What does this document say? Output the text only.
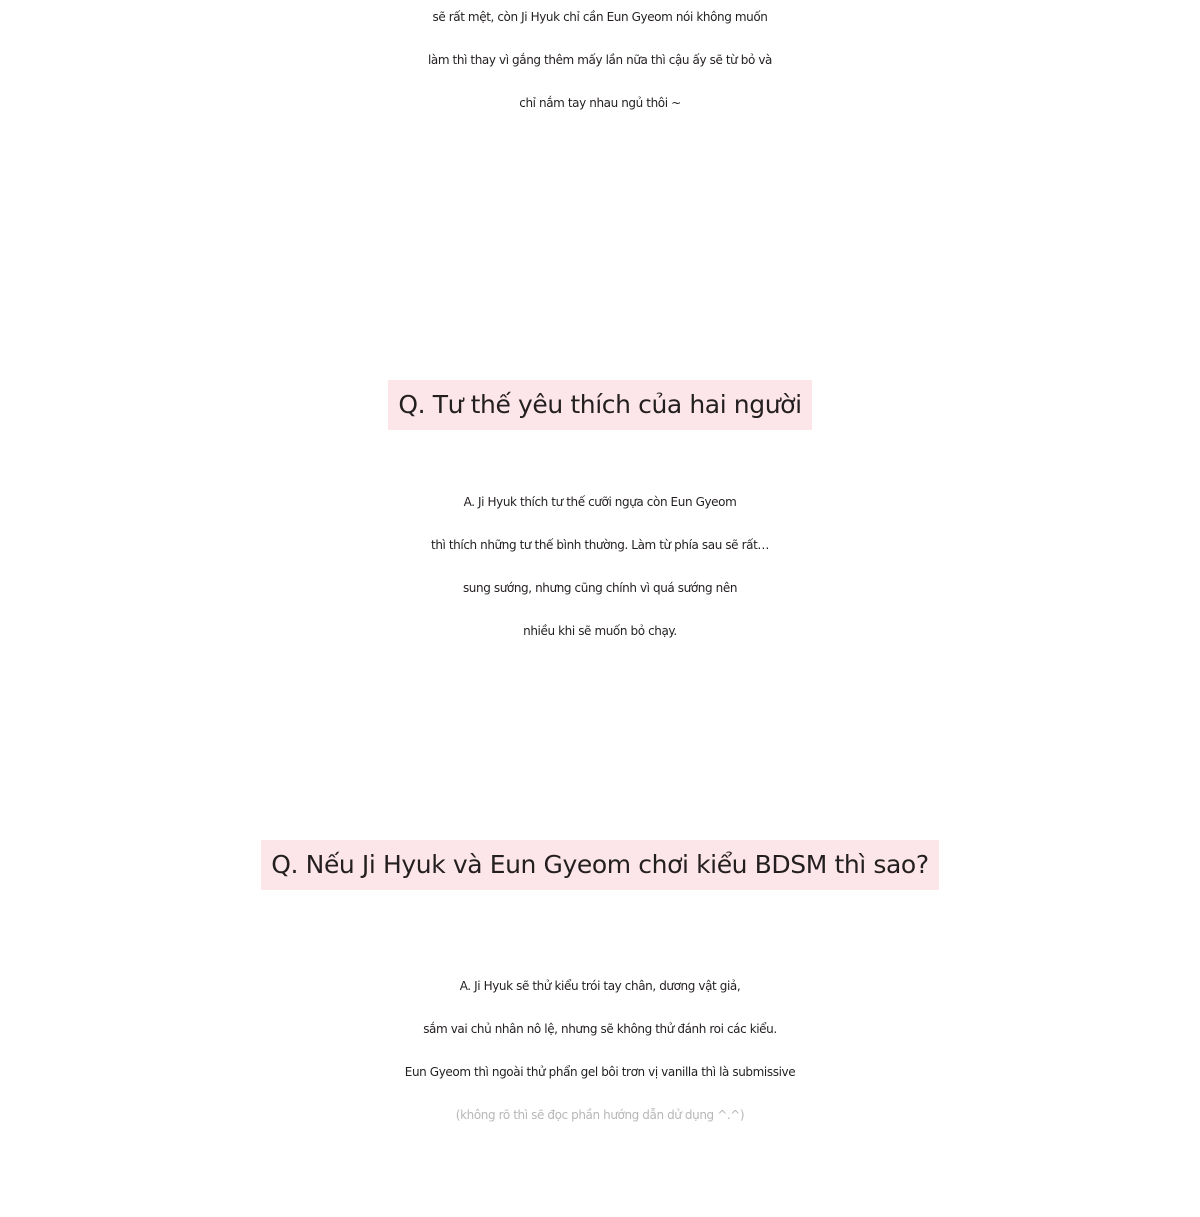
sẽ rất mệt, còn Ji Hyuk chỉ cần Eun Gyeom nói không muốn
làm thì thay vì gắng thêm mấy lần nữa thì cậu ấy sẽ từ bỏ và
chỉ nắm tay nhau ngủ thôi ~
Q. Tư thế yêu thích của hai người
A. Ji Hyuk thích tư thế cưỡi ngựa còn Eun Gyeom
thì thích những tư thế bình thường. Làm từ phía sau sẽ rất…
sung sướng, nhưng cũng chính vì quá sướng nên
nhiều khi sẽ muốn bỏ chạy.
Q. Nếu Ji Hyuk và Eun Gyeom chơi kiểu BDSM thì sao?
A. Ji Hyuk sẽ thử kiểu trói tay chân, dương vật giả,
sắm vai chủ nhân nô lệ, nhưng sẽ không thử đánh roi các kiểu.
Eun Gyeom thì ngoài thử phẩn gel bôi trơn vị vanilla thì là submissive
(không rõ thì sẽ đọc phần hướng dẫn dử dụng ^.^)
